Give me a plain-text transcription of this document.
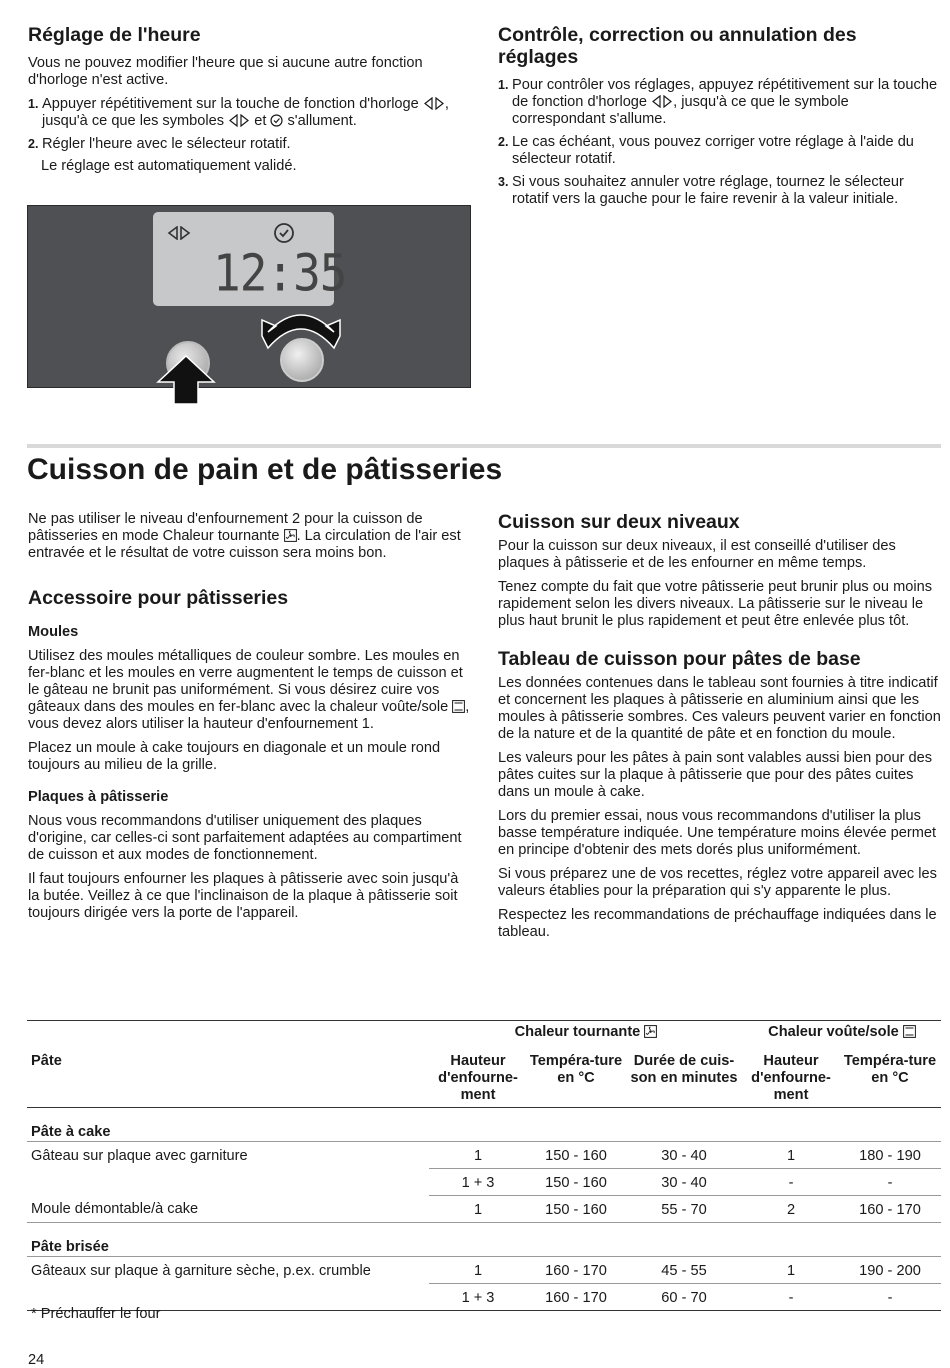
Réglage de l'heure

Vous ne pouvez modifier l'heure que si aucune autre fonction d'horloge n'est active.

1. Appuyer répétitivement sur la touche de fonction d'horloge , jusqu'à ce que les symboles et s'allument.
2. Régler l'heure avec le sélecteur rotatif.

Le réglage est automatiquement validé.

12:35
Contrôle, correction ou annulation des réglages
1. Pour contrôler vos réglages, appuyez répétitivement sur la touche de fonction d'horloge , jusqu'à ce que le symbole correspondant s'allume.
2. Le cas échéant, vous pouvez corriger votre réglage à l'aide du sélecteur rotatif.
3. Si vous souhaitez annuler votre réglage, tournez le sélecteur rotatif vers la gauche pour le faire revenir à la valeur initiale.
Cuisson de pain et de pâtisseries

Ne pas utiliser le niveau d'enfournement 2 pour la cuisson de pâtisseries en mode Chaleur tournante . La circulation de l'air est entravée et le résultat de votre cuisson sera moins bon.

Accessoire pour pâtisseries
Moules

Utilisez des moules métalliques de couleur sombre. Les moules en fer-blanc et les moules en verre augmentent le temps de cuisson et le gâteau ne brunit pas uniformément. Si vous désirez cuire vos gâteaux dans des moules en fer-blanc avec la chaleur voûte/sole , vous devez alors utiliser la hauteur d'enfournement 1.

Placez un moule à cake toujours en diagonale et un moule rond toujours au milieu de la grille.

Plaques à pâtisserie

Nous vous recommandons d'utiliser uniquement des plaques d'origine, car celles-ci sont parfaitement adaptées au compartiment de cuisson et aux modes de fonctionnement.

Il faut toujours enfourner les plaques à pâtisserie avec soin jusqu'à la butée. Veillez à ce que l'inclinaison de la plaque à pâtisserie soit toujours dirigée vers la porte de l'appareil.

Cuisson sur deux niveaux

Pour la cuisson sur deux niveaux, il est conseillé d'utiliser des plaques à pâtisserie et de les enfourner en même temps.

Tenez compte du fait que votre pâtisserie peut brunir plus ou moins rapidement selon les divers niveaux. La pâtisserie sur le niveau le plus haut brunit le plus rapidement et peut être enlevée plus tôt.

Tableau de cuisson pour pâtes de base

Les données contenues dans le tableau sont fournies à titre indicatif et concernent les plaques à pâtisserie en aluminium ainsi que les moules à pâtisserie sombres. Ces valeurs peuvent varier en fonction de la nature et de la quantité de pâte et en fonction du moule.

Les valeurs pour les pâtes à pain sont valables aussi bien pour des pâtes cuites sur la plaque à pâtisserie que pour des pâtes cuites dans un moule à cake.

Lors du premier essai, nous vous recommandons d'utiliser la plus basse température indiquée. Une température moins élevée permet en principe d'obtenir des mets dorés plus uniformément.

Si vous préparez une de vos recettes, réglez votre appareil avec les valeurs établies pour la préparation qui s'y apparente le plus.

Respectez les recommandations de préchauffage indiquées dans le tableau.

	Chaleur tournante			Chaleur voûte/sole	
Pâte	Hauteur d'enfourne-ment	Tempéra-ture en °C	Durée de cuis-son en minutes	Hauteur d'enfourne-ment	Tempéra-ture en °C
Pâte à cake					
Gâteau sur plaque avec garniture	1	150 - 160	30 - 40	1	180 - 190
	1 + 3	150 - 160	30 - 40	-	-
Moule démontable/à cake	1	150 - 160	55 - 70	2	160 - 170
Pâte brisée					
Gâteaux sur plaque à garniture sèche, p.ex. crumble	1	160 - 170	45 - 55	1	190 - 200
	1 + 3	160 - 170	60 - 70	-	-
* Préchauffer le four
24
